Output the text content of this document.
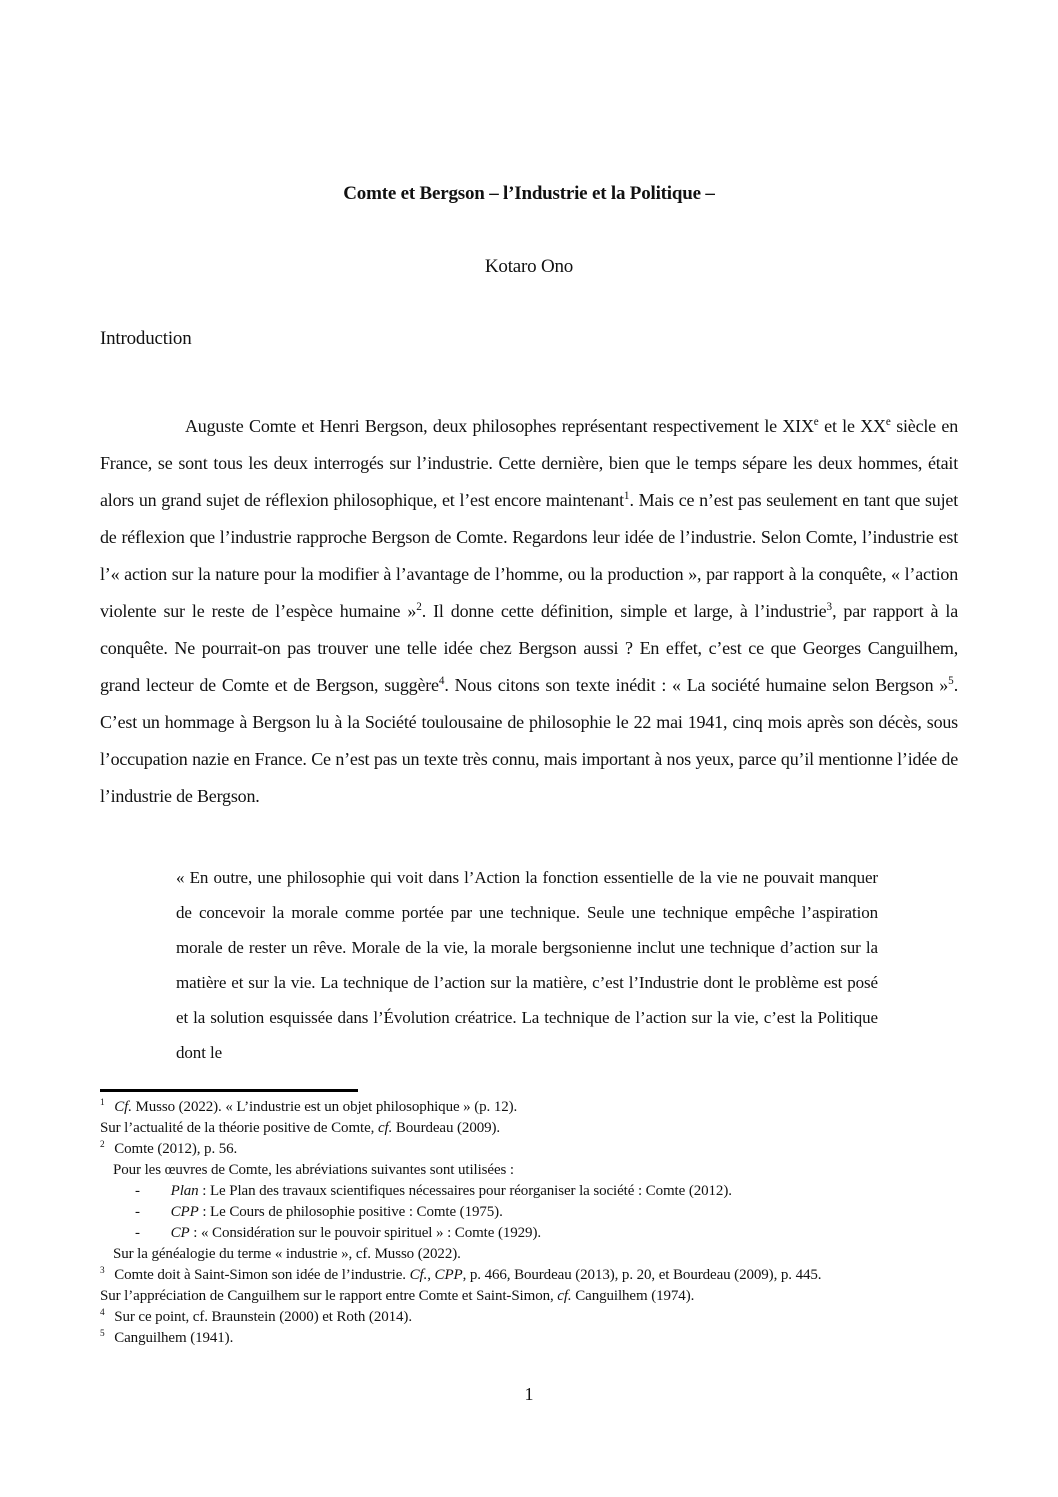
Comte et Bergson – l’Industrie et la Politique –
Kotaro Ono
Introduction

Auguste Comte et Henri Bergson, deux philosophes représentant respectivement le XIXe et le XXe siècle en France, se sont tous les deux interrogés sur l’industrie. Cette dernière, bien que le temps sépare les deux hommes, était alors un grand sujet de réflexion philosophique, et l’est encore maintenant$^1$. Mais ce n’est pas seulement en tant que sujet de réflexion que l’industrie rapproche Bergson de Comte. Regardons leur idée de l’industrie. Selon Comte, l’industrie est l’« action sur la nature pour la modifier à l’avantage de l’homme, ou la production », par rapport à la conquête, « l’action violente sur le reste de l’espèce humaine »$^2$. Il donne cette définition, simple et large, à l’industrie$^3$, par rapport à la conquête. Ne pourrait-on pas trouver une telle idée chez Bergson aussi ? En effet, c’est ce que Georges Canguilhem, grand lecteur de Comte et de Bergson, suggère$^4$. Nous citons son texte inédit : « La société humaine selon Bergson »$^5$. C’est un hommage à Bergson lu à la Société toulousaine de philosophie le 22 mai 1941, cinq mois après son décès, sous l’occupation nazie en France. Ce n’est pas un texte très connu, mais important à nos yeux, parce qu’il mentionne l’idée de l’industrie de Bergson.

« En outre, une philosophie qui voit dans l’Action la fonction essentielle de la vie ne pouvait manquer de concevoir la morale comme portée par une technique. Seule une technique empêche l’aspiration morale de rester un rêve. Morale de la vie, la morale bergsonienne inclut une technique d’action sur la matière et sur la vie. La technique de l’action sur la matière, c’est l’Industrie dont le problème est posé et la solution esquissée dans l’Évolution créatrice. La technique de l’action sur la vie, c’est la Politique dont le

$^1$ Cf. Musso (2022). « L’industrie est un objet philosophique » (p. 12).
Sur l’actualité de la théorie positive de Comte, cf. Bourdeau (2009).
$^2$ Comte (2012), p. 56.
Pour les œuvres de Comte, les abréviations suivantes sont utilisées :
- Plan : Le Plan des travaux scientifiques nécessaires pour réorganiser la société : Comte (2012).
- CPP : Le Cours de philosophie positive : Comte (1975).
- CP : « Considération sur le pouvoir spirituel » : Comte (1929).
Sur la généalogie du terme « industrie », cf. Musso (2022).
$^3$ Comte doit à Saint-Simon son idée de l’industrie. Cf., CPP, p. 466, Bourdeau (2013), p. 20, et Bourdeau (2009), p. 445.
Sur l’appréciation de Canguilhem sur le rapport entre Comte et Saint-Simon, cf. Canguilhem (1974).
$^4$ Sur ce point, cf. Braunstein (2000) et Roth (2014).
$^5$ Canguilhem (1941).
1
